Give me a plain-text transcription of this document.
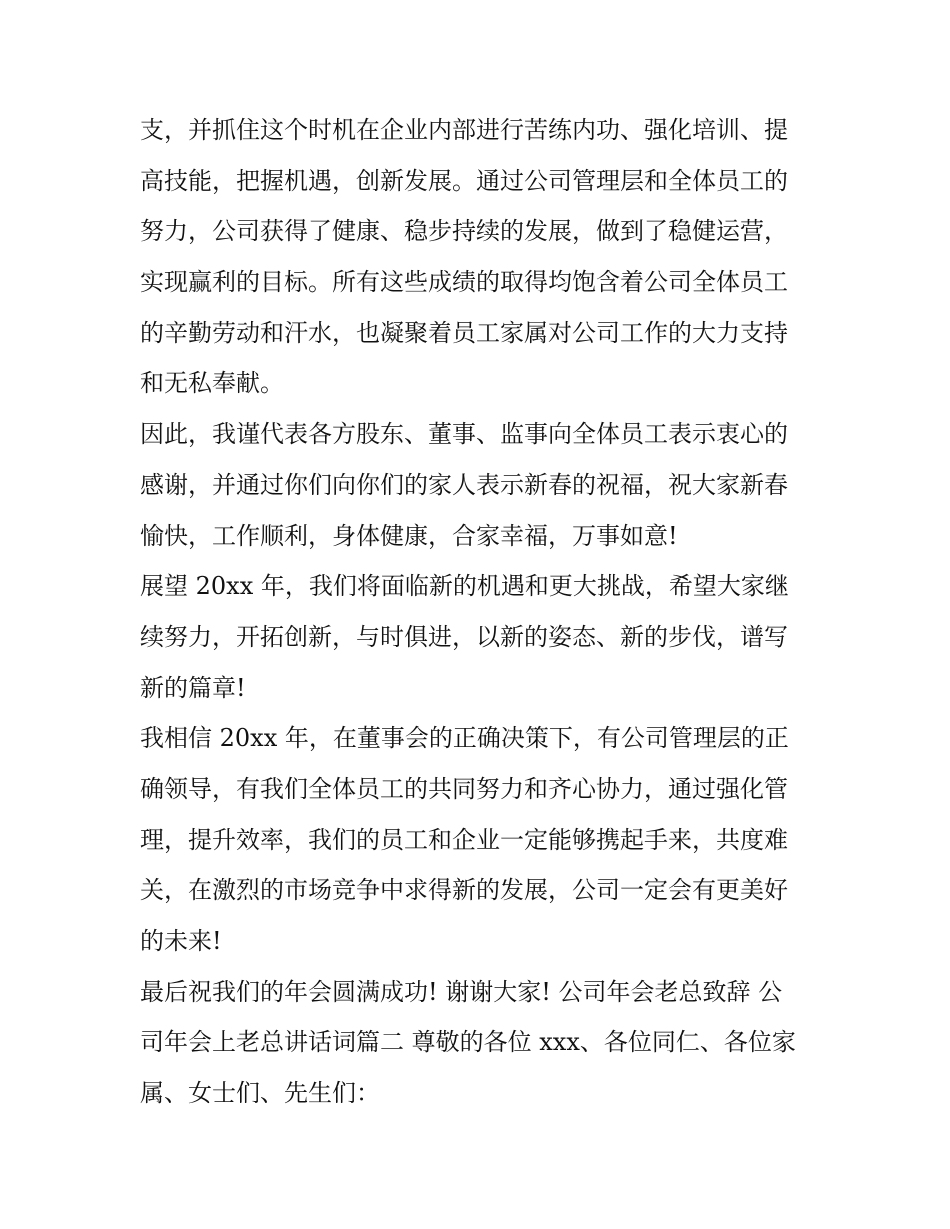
支，并抓住这个时机在企业内部进行苦练内功、强化培训、提
高技能，把握机遇，创新发展。通过公司管理层和全体员工的
努力，公司获得了健康、稳步持续的发展，做到了稳健运营，
实现赢利的目标。所有这些成绩的取得均饱含着公司全体员工
的辛勤劳动和汗水，也凝聚着员工家属对公司工作的大力支持
和无私奉献。
因此，我谨代表各方股东、董事、监事向全体员工表示衷心的
感谢，并通过你们向你们的家人表示新春的祝福，祝大家新春
愉快，工作顺利，身体健康，合家幸福，万事如意!
展望 20xx 年，我们将面临新的机遇和更大挑战，希望大家继
续努力，开拓创新，与时俱进，以新的姿态、新的步伐，谱写
新的篇章!
我相信 20xx 年，在董事会的正确决策下，有公司管理层的正
确领导，有我们全体员工的共同努力和齐心协力，通过强化管
理，提升效率，我们的员工和企业一定能够携起手来，共度难
关，在激烈的市场竞争中求得新的发展，公司一定会有更美好
的未来!
最后祝我们的年会圆满成功! 谢谢大家! 公司年会老总致辞 公
司年会上老总讲话词篇二 尊敬的各位 xxx、各位同仁、各位家
属、女士们、先生们：
